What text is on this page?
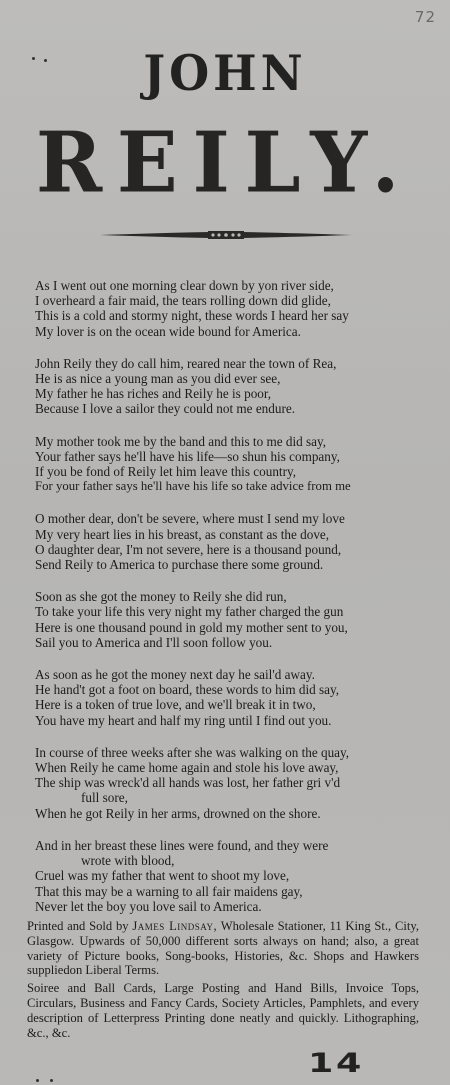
72
JOHN
REILY.
As I went out one morning clear down by yon river side,
I overheard a fair maid, the tears rolling down did glide,
This is a cold and stormy night, these words I heard her say
My lover is on the ocean wide bound for America.
John Reily they do call him, reared near the town of Rea,
He is as nice a young man as you did ever see,
My father he has riches and Reily he is poor,
Because I love a sailor they could not me endure.
My mother took me by the band and this to me did say,
Your father says he'll have his life—so shun his company,
If you be fond of Reily let him leave this country,
For your father says he'll have his life so take advice from me
O mother dear, don't be severe, where must I send my love
My very heart lies in his breast, as constant as the dove,
O daughter dear, I'm not severe, here is a thousand pound,
Send Reily to America to purchase there some ground.
Soon as she got the money to Reily she did run,
To take your life this very night my father charged the gun
Here is one thousand pound in gold my mother sent to you,
Sail you to America and I'll soon follow you.
As soon as he got the money next day he sail'd away.
He hand't got a foot on board, these words to him did say,
Here is a token of true love, and we'll break it in two,
You have my heart and half my ring until I find out you.
In course of three weeks after she was walking on the quay,
When Reily he came home again and stole his love away,
The ship was wreck'd all hands was lost, her father gri v'd
full sore,
When he got Reily in her arms, drowned on the shore.
And in her breast these lines were found, and they were
wrote with blood,
Cruel was my father that went to shoot my love,
That this may be a warning to all fair maidens gay,
Never let the boy you love sail to America.

Printed and Sold by James Lindsay, Wholesale Stationer, 11 King St., City, Glasgow. Upwards of 50,000 different sorts always on hand; also, a great variety of Picture books, Song-books, Histories, &c. Shops and Hawkers suppliedon Liberal Terms.

Soiree and Ball Cards, Large Posting and Hand Bills, Invoice Tops, Circulars, Business and Fancy Cards, Society Articles, Pamphlets, and every description of Letterpress Printing done neatly and quickly. Lithographing, &c., &c.

14
